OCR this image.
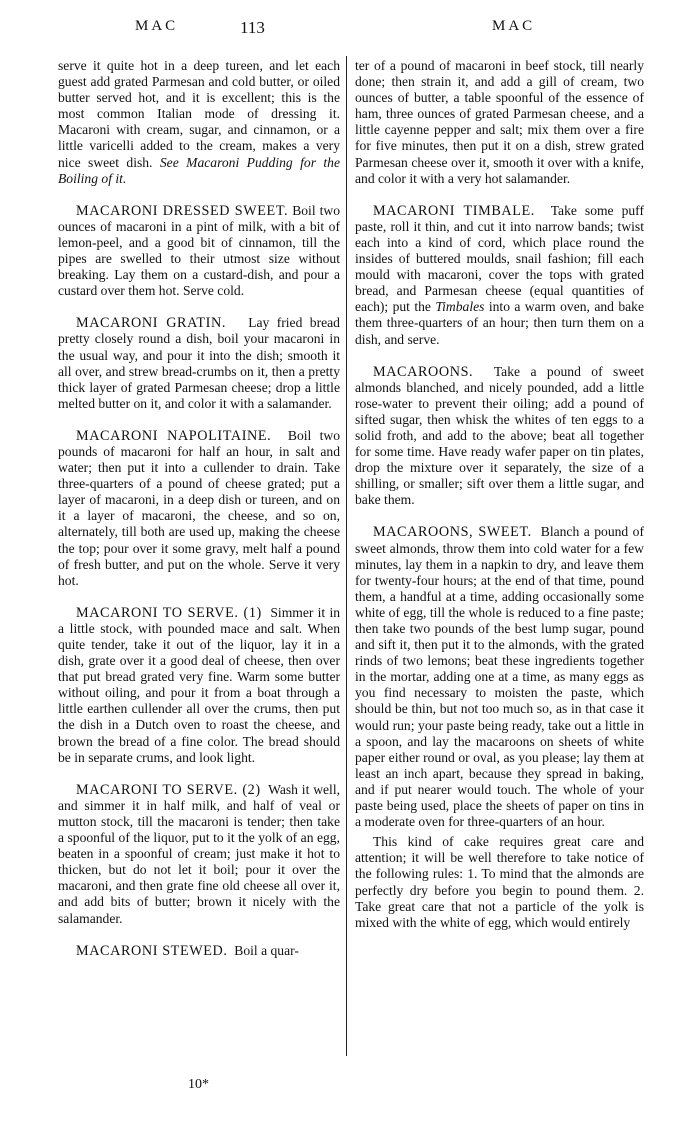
MAC	113	MAC

serve it quite hot in a deep tureen, and let each guest add grated Parmesan and cold butter, or oiled butter served hot, and it is excellent; this is the most common Italian mode of dressing it. Macaroni with cream, sugar, and cinnamon, or a little varicelli added to the cream, makes a very nice sweet dish. See Macaroni Pudding for the Boiling of it.

MACARONI DRESSED SWEET. Boil two ounces of macaroni in a pint of milk, with a bit of lemon-peel, and a good bit of cinnamon, till the pipes are swelled to their utmost size without breaking. Lay them on a custard-dish, and pour a custard over them hot. Serve cold.

MACARONI GRATIN. Lay fried bread pretty closely round a dish, boil your macaroni in the usual way, and pour it into the dish; smooth it all over, and strew bread-crumbs on it, then a pretty thick layer of grated Parmesan cheese; drop a little melted butter on it, and color it with a salamander.

MACARONI NAPOLITAINE. Boil two pounds of macaroni for half an hour, in salt and water; then put it into a cullender to drain. Take three-quarters of a pound of cheese grated; put a layer of macaroni, in a deep dish or tureen, and on it a layer of macaroni, the cheese, and so on, alternately, till both are used up, making the cheese the top; pour over it some gravy, melt half a pound of fresh butter, and put on the whole. Serve it very hot.

MACARONI TO SERVE. (1) Simmer it in a little stock, with pounded mace and salt. When quite tender, take it out of the liquor, lay it in a dish, grate over it a good deal of cheese, then over that put bread grated very fine. Warm some butter without oiling, and pour it from a boat through a little earthen cullender all over the crums, then put the dish in a Dutch oven to roast the cheese, and brown the bread of a fine color. The bread should be in separate crums, and look light.

MACARONI TO SERVE. (2) Wash it well, and simmer it in half milk, and half of veal or mutton stock, till the macaroni is tender; then take a spoonful of the liquor, put to it the yolk of an egg, beaten in a spoonful of cream; just make it hot to thicken, but do not let it boil; pour it over the macaroni, and then grate fine old cheese all over it, and add bits of butter; brown it nicely with the salamander.

MACARONI STEWED. Boil a quar-

10*

ter of a pound of macaroni in beef stock, till nearly done; then strain it, and add a gill of cream, two ounces of butter, a table spoonful of the essence of ham, three ounces of grated Parmesan cheese, and a little cayenne pepper and salt; mix them over a fire for five minutes, then put it on a dish, strew grated Parmesan cheese over it, smooth it over with a knife, and color it with a very hot salamander.

MACARONI TIMBALE. Take some puff paste, roll it thin, and cut it into narrow bands; twist each into a kind of cord, which place round the insides of buttered moulds, snail fashion; fill each mould with macaroni, cover the tops with grated bread, and Parmesan cheese (equal quantities of each); put the Timbales into a warm oven, and bake them three-quarters of an hour; then turn them on a dish, and serve.

MACAROONS. Take a pound of sweet almonds blanched, and nicely pounded, add a little rose-water to prevent their oiling; add a pound of sifted sugar, then whisk the whites of ten eggs to a solid froth, and add to the above; beat all together for some time. Have ready wafer paper on tin plates, drop the mixture over it separately, the size of a shilling, or smaller; sift over them a little sugar, and bake them.

MACAROONS, SWEET. Blanch a pound of sweet almonds, throw them into cold water for a few minutes, lay them in a napkin to dry, and leave them for twenty-four hours; at the end of that time, pound them, a handful at a time, adding occasionally some white of egg, till the whole is reduced to a fine paste; then take two pounds of the best lump sugar, pound and sift it, then put it to the almonds, with the grated rinds of two lemons; beat these ingredients together in the mortar, adding one at a time, as many eggs as you find necessary to moisten the paste, which should be thin, but not too much so, as in that case it would run; your paste being ready, take out a little in a spoon, and lay the macaroons on sheets of white paper either round or oval, as you please; lay them at least an inch apart, because they spread in baking, and if put nearer would touch. The whole of your paste being used, place the sheets of paper on tins in a moderate oven for three-quarters of an hour.

This kind of cake requires great care and attention; it will be well therefore to take notice of the following rules: 1. To mind that the almonds are perfectly dry before you begin to pound them. 2. Take great care that not a particle of the yolk is mixed with the white of egg, which would entirely
